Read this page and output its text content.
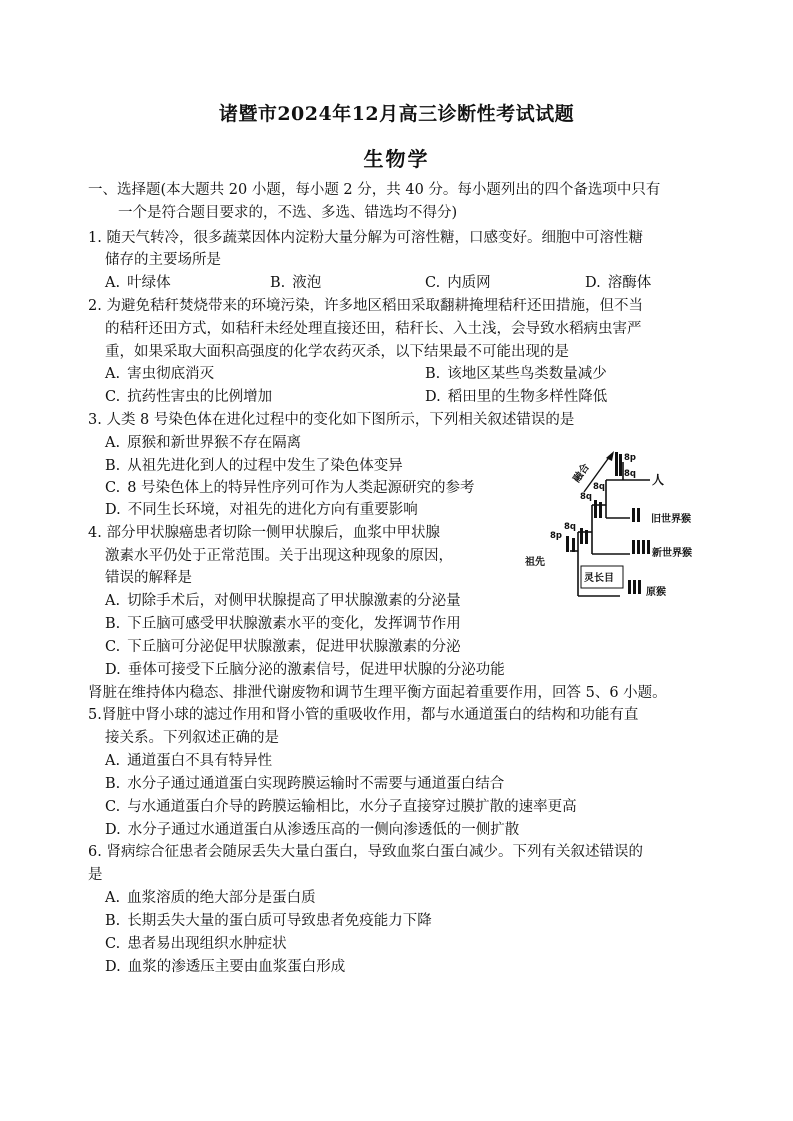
诸暨市2024年12月高三诊断性考试试题
生物学
一、选择题(本大题共 20 小题，每小题 2 分，共 40 分。每小题列出的四个备选项中只有
一个是符合题目要求的，不选、多选、错选均不得分)
1. 随天气转冷，很多蔬菜因体内淀粉大量分解为可溶性糖，口感变好。细胞中可溶性糖
储存的主要场所是
A. 叶绿体	B. 液泡	C. 内质网	D. 溶酶体
2. 为避免秸秆焚烧带来的环境污染，许多地区稻田采取翻耕掩埋秸秆还田措施，但不当
的秸秆还田方式，如秸秆未经处理直接还田，秸秆长、入土浅，会导致水稻病虫害严
重，如果采取大面积高强度的化学农药灭杀，以下结果最不可能出现的是
A. 害虫彻底消灭	B. 该地区某些鸟类数量减少
C. 抗药性害虫的比例增加	D. 稻田里的生物多样性降低
3. 人类 8 号染色体在进化过程中的变化如下图所示，下列相关叙述错误的是
A. 原猴和新世界猴不存在隔离
B. 从祖先进化到人的过程中发生了染色体变异
C. 8 号染色体上的特异性序列可作为人类起源研究的参考
D. 不同生长环境，对祖先的进化方向有重要影响
8p
8q
8q
8q
8p
8q 人
旧世界猴
新世界猴
原猴
祖先
灵长目
融合
4. 部分甲状腺癌患者切除一侧甲状腺后，血浆中甲状腺
激素水平仍处于正常范围。关于出现这种现象的原因，
错误的解释是
A. 切除手术后，对侧甲状腺提高了甲状腺激素的分泌量
B. 下丘脑可感受甲状腺激素水平的变化，发挥调节作用
C. 下丘脑可分泌促甲状腺激素，促进甲状腺激素的分泌
D. 垂体可接受下丘脑分泌的激素信号，促进甲状腺的分泌功能
肾脏在维持体内稳态、排泄代谢废物和调节生理平衡方面起着重要作用，回答 5、6 小题。
5.肾脏中肾小球的滤过作用和肾小管的重吸收作用，都与水通道蛋白的结构和功能有直
接关系。下列叙述正确的是
A. 通道蛋白不具有特异性
B. 水分子通过通道蛋白实现跨膜运输时不需要与通道蛋白结合
C. 与水通道蛋白介导的跨膜运输相比，水分子直接穿过膜扩散的速率更高
D. 水分子通过水通道蛋白从渗透压高的一侧向渗透低的一侧扩散
6. 肾病综合征患者会随尿丢失大量白蛋白，导致血浆白蛋白减少。下列有关叙述错误的
是
A. 血浆溶质的绝大部分是蛋白质
B. 长期丢失大量的蛋白质可导致患者免疫能力下降
C. 患者易出现组织水肿症状
D. 血浆的渗透压主要由血浆蛋白形成
